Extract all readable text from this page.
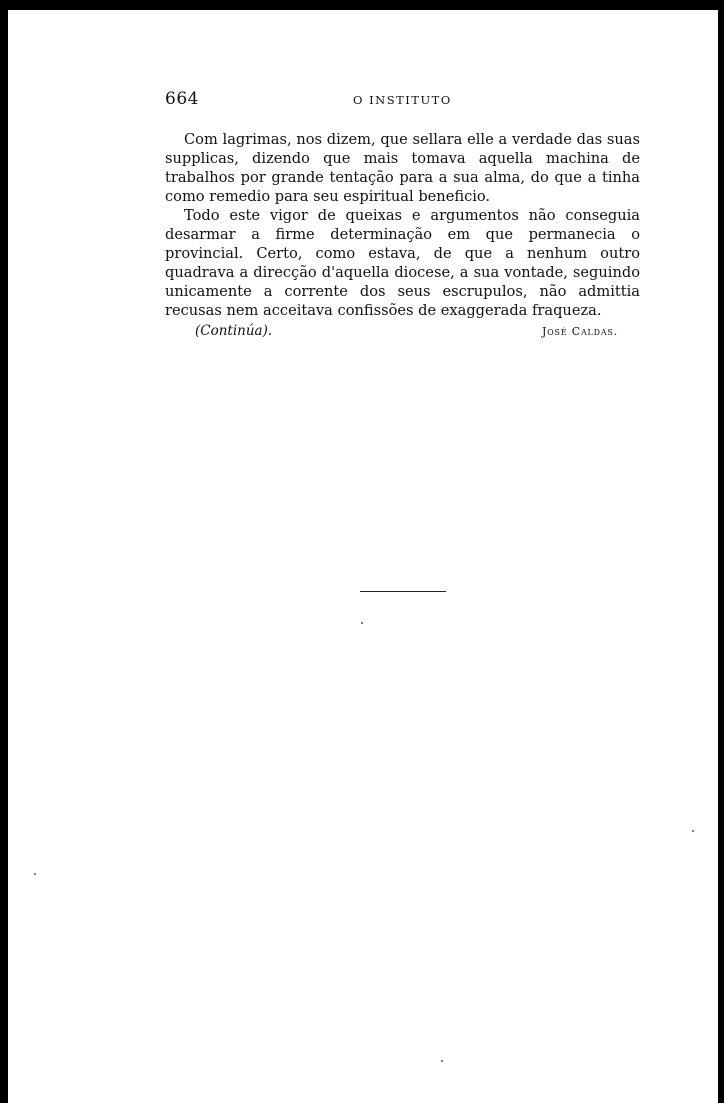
664	O INSTITUTO

Com lagrimas, nos dizem, que sellara elle a verdade das suas supplicas, dizendo que mais tomava aquella machina de trabalhos por grande tentação para a sua alma, do que a tinha como remedio para seu espiritual beneficio.

Todo este vigor de queixas e argumentos não conseguia desarmar a firme determinação em que permanecia o provincial. Certo, como estava, de que a nenhum outro quadrava a direcção d'aquella diocese, a sua vontade, seguindo unicamente a corrente dos seus escrupulos, não admittia recusas nem acceitava confissões de exaggerada fraqueza.

(Continúa).	José Caldas.
